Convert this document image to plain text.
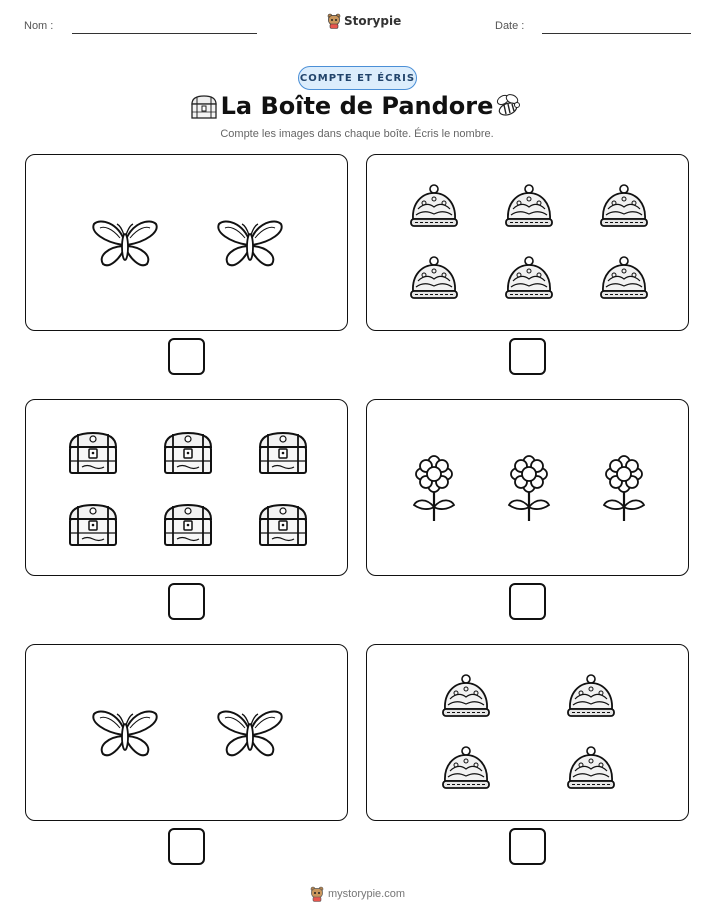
Nom :	Date :
Storypie
COMPTE ET ÉCRIS
La Boîte de Pandore
Compte les images dans chaque boîte. Écris le nombre.
mystorypie.com
